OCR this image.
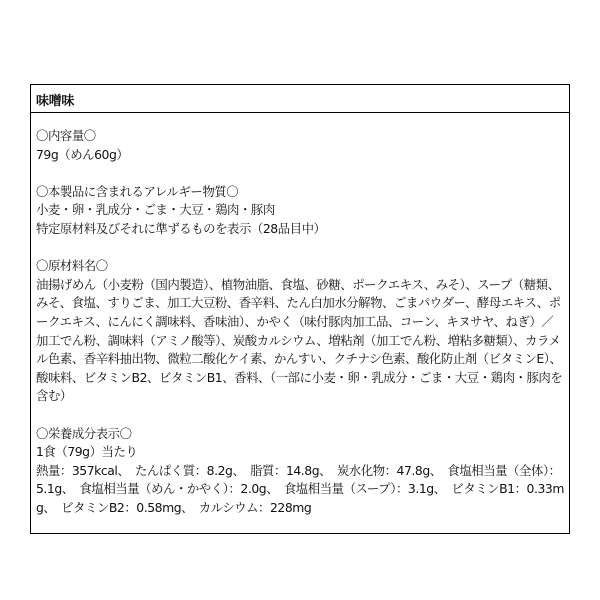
味噌味
〇内容量〇
79g（めん60g）
〇本製品に含まれるアレルギー物質〇
小麦・卵・乳成分・ごま・大豆・鶏肉・豚肉
特定原材料及びそれに準ずるものを表示（28品目中）
〇原材料名〇
油揚げめん（小麦粉（国内製造）、植物油脂、食塩、砂糖、ポークエキス、みそ）、スープ（糖類、みそ、食塩、すりごま、加工大豆粉、香辛料、たん白加水分解物、ごまパウダー、酵母エキス、ポークエキス、にんにく調味料、香味油）、かやく（味付豚肉加工品、コーン、キヌサヤ、ねぎ）／加工でん粉、調味料（アミノ酸等）、炭酸カルシウム、増粘剤（加工でん粉、増粘多糖類）、カラメル色素、香辛料抽出物、微粒二酸化ケイ素、かんすい、クチナシ色素、酸化防止剤（ビタミンE）、酸味料、ビタミンB2、ビタミンB1、香料、（一部に小麦・卵・乳成分・ごま・大豆・鶏肉・豚肉を含む）
〇栄養成分表示〇
1食（79g）当たり
熱量：357kcal、　たんぱく質：8.2g、　脂質：14.8g、　炭水化物：47.8g、　食塩相当量（全体）：5.1g、　食塩相当量（めん・かやく）：2.0g、　食塩相当量（スープ）：3.1g、　ビタミンB1：0.33mg、　ビタミンB2：0.58mg、　カルシウム：228mg
